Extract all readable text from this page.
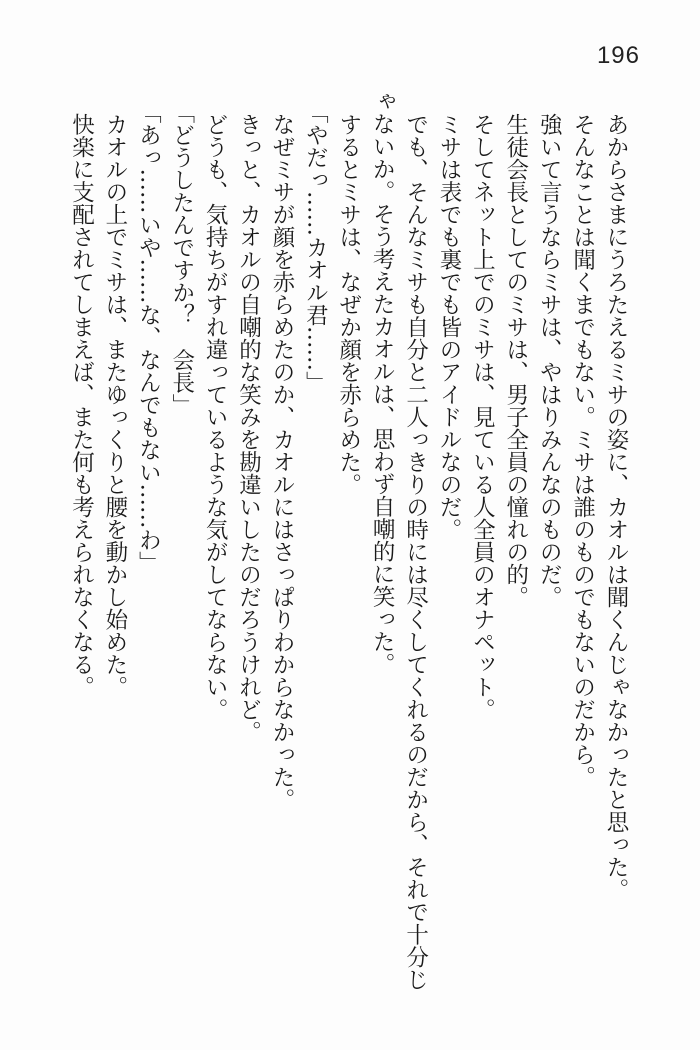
196

あからさまにうろたえるミサの姿に、カオルは聞くんじゃなかったと思った。

そんなことは聞くまでもない。ミサは誰のものでもないのだから。

強いて言うならミサは、やはりみんなのものだ。

生徒会長としてのミサは、男子全員の憧れの的。

そしてネット上でのミサは、見ている人全員のオナペット。

ミサは表でも裏でも皆のアイドルなのだ。

でも、そんなミサも自分と二人っきりの時には尽くしてくれるのだから、それで十分じゃないか。そう考えたカオルは、思わず自嘲的に笑った。

するとミサは、なぜか顔を赤らめた。

「やだっ……カオル君……」

なぜミサが顔を赤らめたのか、カオルにはさっぱりわからなかった。

きっと、カオルの自嘲的な笑みを勘違いしたのだろうけれど。

どうも、気持ちがすれ違っているような気がしてならない。

「どうしたんですか？　会長」

「あっ……いや……な、なんでもない……わ」

カオルの上でミサは、またゆっくりと腰を動かし始めた。

快楽に支配されてしまえば、また何も考えられなくなる。
